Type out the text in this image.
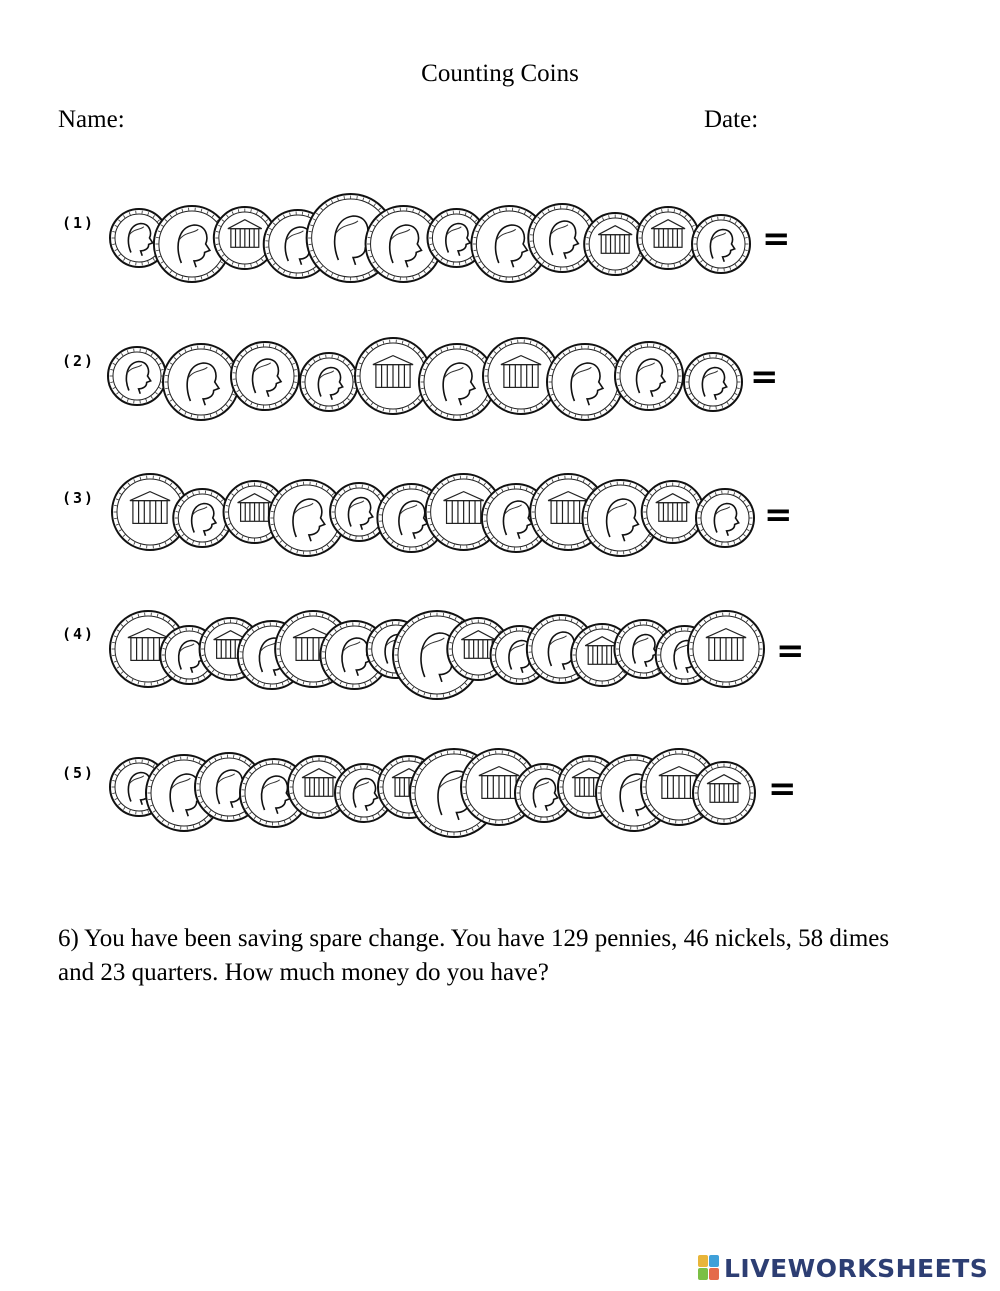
Counting Coins
Name:	Date:
(1)	=
(2)	=
(3)	=
(4)	=
(5)	=
6) You have been saving spare change. You have 129 pennies, 46 nickels, 58 dimes and 23 quarters. How much money do you have?
LIVEWORKSHEETS
